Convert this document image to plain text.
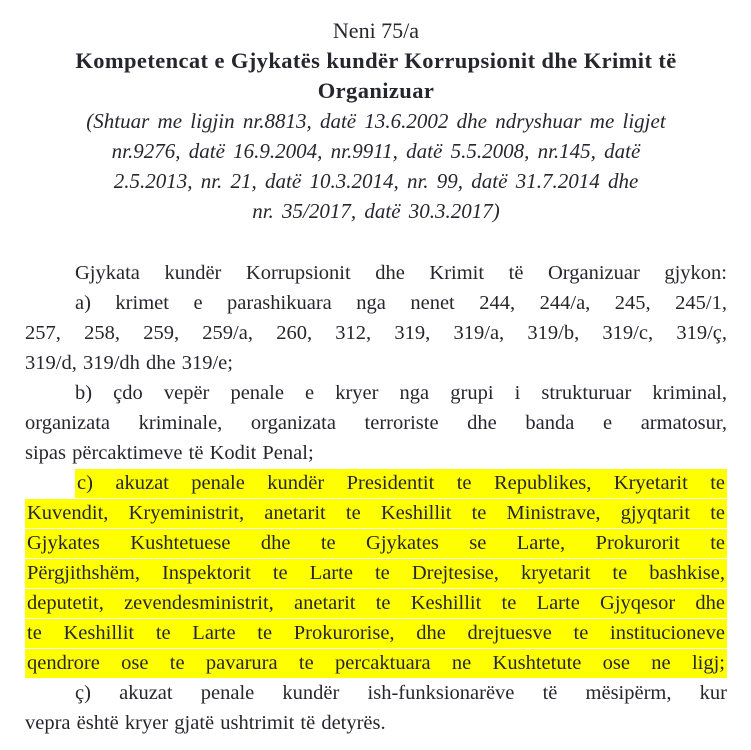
Neni 75/a
Kompetencat e Gjykatës kundër Korrupsionit dhe Krimit të
Organizuar
(Shtuar me ligjin nr.8813, datë 13.6.2002 dhe ndryshuar me ligjet
nr.9276, datë 16.9.2004, nr.9911, datë 5.5.2008, nr.145, datë
2.5.2013, nr. 21, datë 10.3.2014, nr. 99, datë 31.7.2014 dhe
nr. 35/2017, datë 30.3.2017)
Gjykata kundër Korrupsionit dhe Krimit të Organizuar gjykon:
a) krimet e parashikuara nga nenet 244, 244/a, 245, 245/1,
257, 258, 259, 259/a, 260, 312, 319, 319/a, 319/b, 319/c, 319/ç,
319/d, 319/dh dhe 319/e;
b) çdo vepër penale e kryer nga grupi i strukturuar kriminal,
organizata kriminale, organizata terroriste dhe banda e armatosur,
sipas përcaktimeve të Kodit Penal;
c) akuzat penale kundër Presidentit te Republikes, Kryetarit te
Kuvendit, Kryeministrit, anetarit te Keshillit te Ministrave, gjyqtarit te
Gjykates Kushtetuese dhe te Gjykates se Larte, Prokurorit te
Përgjithshëm, Inspektorit te Larte te Drejtesise, kryetarit te bashkise,
deputetit, zevendesministrit, anetarit te Keshillit te Larte Gjyqesor dhe
te Keshillit te Larte te Prokurorise, dhe drejtuesve te institucioneve
qendrore ose te pavarura te percaktuara ne Kushtetute ose ne ligj;
ç) akuzat penale kundër ish-funksionarëve të mësipërm, kur
vepra është kryer gjatë ushtrimit të detyrës.
